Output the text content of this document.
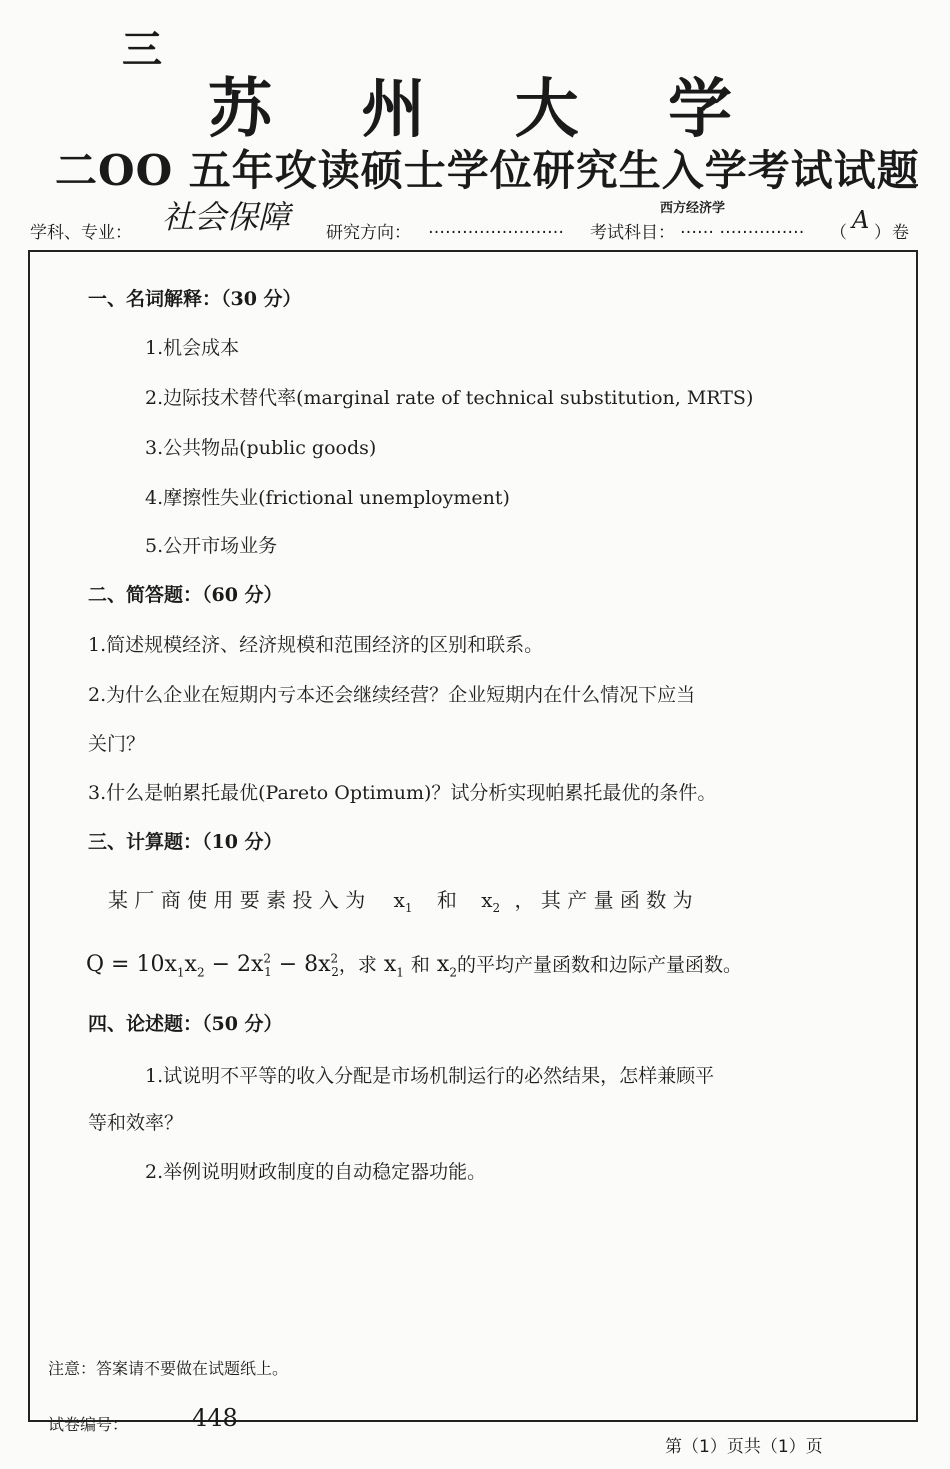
三
苏 州 大 学
二OO 五年攻读硕士学位研究生入学考试试题
西方经济学
学科、专业： 社会保障 研究方向： …………………… 考试科目： …… …………… （ A ） 卷
一、名词解释：（30 分）
1.机会成本
2.边际技术替代率(marginal rate of technical substitution, MRTS)
3.公共物品(public goods)
4.摩擦性失业(frictional unemployment)
5.公开市场业务
二、简答题：（60 分）
1.简述规模经济、经济规模和范围经济的区别和联系。
2.为什么企业在短期内亏本还会继续经营？企业短期内在什么情况下应当
关门？
3.什么是帕累托最优(Pareto Optimum)？试分析实现帕累托最优的条件。
三、计算题：（10 分）
某 厂 商 使 用 要 素 投 入 为 $x_1$ 和 $x_2$ ， 其 产 量 函 数 为
$Q = 10x_1x_2 - 2x^2_1 - 8x^2_2$，求 $x_1$ 和 $x_2$的平均产量函数和边际产量函数。
四、论述题：（50 分）
1.试说明不平等的收入分配是市场机制运行的必然结果，怎样兼顾平
等和效率？
2.举例说明财政制度的自动稳定器功能。
注意：答案请不要做在试题纸上。
试卷编号：	448
第（1）页共（1）页
